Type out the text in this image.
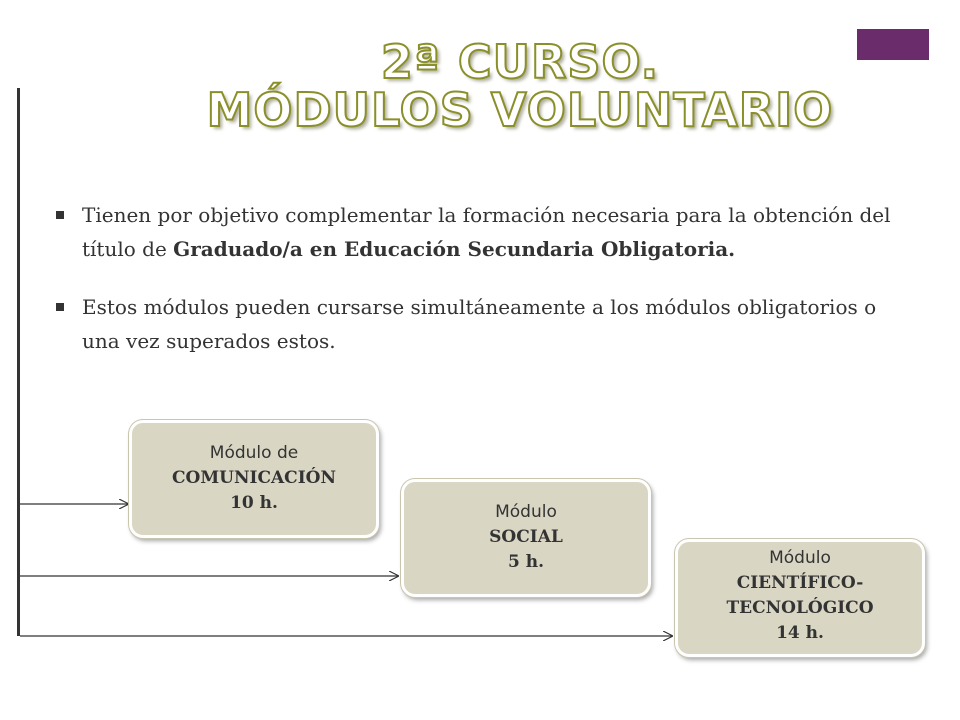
2ª CURSO.
MÓDULOS VOLUNTARIO
Tienen por objetivo complementar la formación necesaria para la obtención del título de Graduado/a en Educación Secundaria Obligatoria.
Estos módulos pueden cursarse simultáneamente a los módulos obligatorios o una vez superados estos.
Módulo de
COMUNICACIÓN
10 h.	Módulo
SOCIAL
5 h.	Módulo
CIENTÍFICO-
TECNOLÓGICO
14 h.
